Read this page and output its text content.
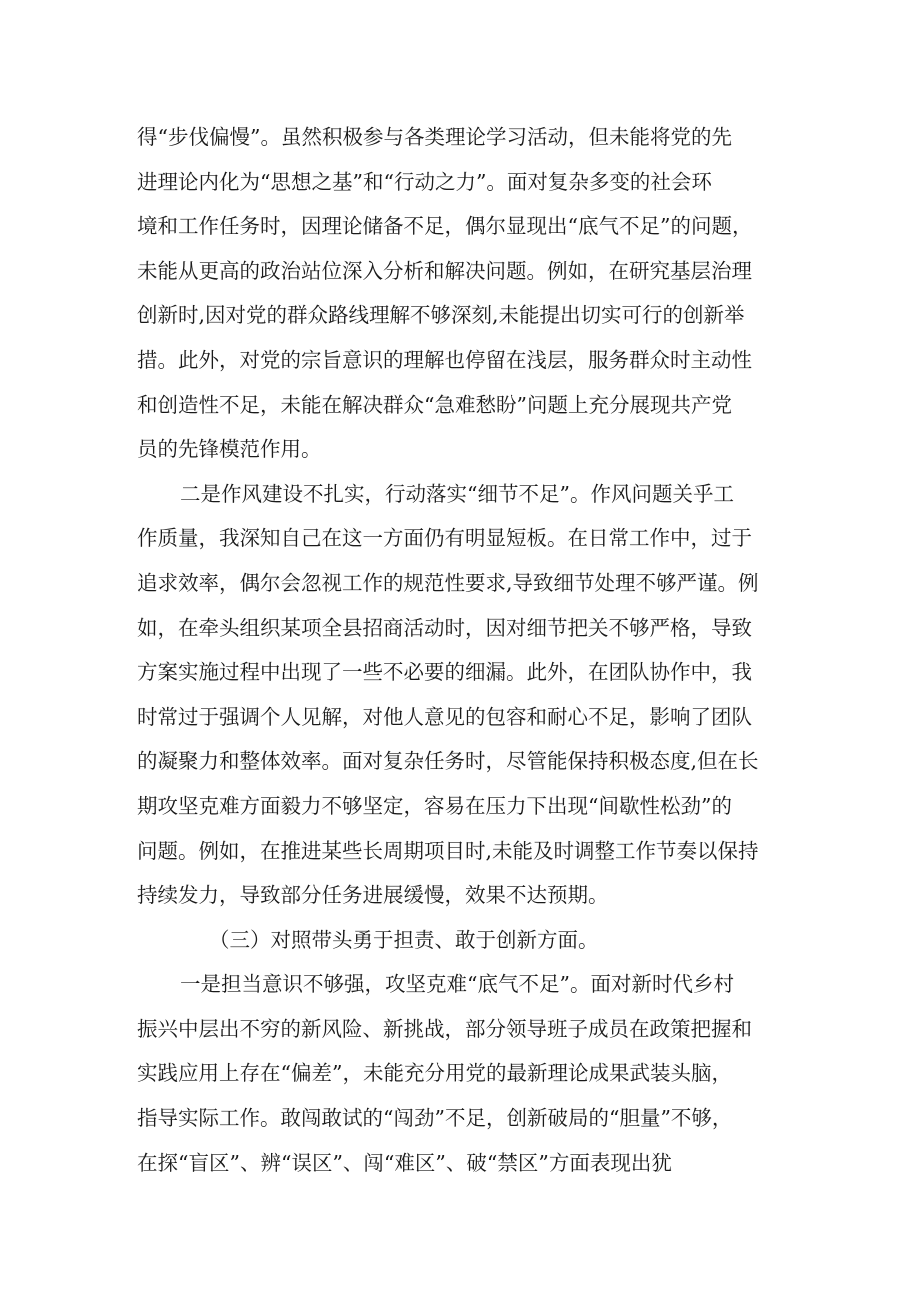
得“步伐偏慢”。虽然积极参与各类理论学习活动，但未能将党的先
进理论内化为“思想之基”和“行动之力”。面对复杂多变的社会环
境和工作任务时，因理论储备不足，偶尔显现出“底气不足”的问题，
未能从更高的政治站位深入分析和解决问题。例如，在研究基层治理
创新时,因对党的群众路线理解不够深刻,未能提出切实可行的创新举
措。此外，对党的宗旨意识的理解也停留在浅层，服务群众时主动性
和创造性不足，未能在解决群众“急难愁盼”问题上充分展现共产党
员的先锋模范作用。
二是作风建设不扎实，行动落实“细节不足”。作风问题关乎工
作质量，我深知自己在这一方面仍有明显短板。在日常工作中，过于
追求效率，偶尔会忽视工作的规范性要求,导致细节处理不够严谨。例
如，在牵头组织某项全县招商活动时，因对细节把关不够严格，导致
方案实施过程中出现了一些不必要的细漏。此外，在团队协作中，我
时常过于强调个人见解，对他人意见的包容和耐心不足，影响了团队
的凝聚力和整体效率。面对复杂任务时，尽管能保持积极态度,但在长
期攻坚克难方面毅力不够坚定，容易在压力下出现“间歇性松劲”的
问题。例如，在推进某些长周期项目时,未能及时调整工作节奏以保持
持续发力，导致部分任务进展缓慢，效果不达预期。
（三）对照带头勇于担责、敢于创新方面。
一是担当意识不够强，攻坚克难“底气不足”。面对新时代乡村
振兴中层出不穷的新风险、新挑战，部分领导班子成员在政策把握和
实践应用上存在“偏差”，未能充分用党的最新理论成果武装头脑，
指导实际工作。敢闯敢试的“闯劲”不足，创新破局的“胆量”不够，
在探“盲区”、辨“误区”、闯“难区”、破“禁区”方面表现出犹
